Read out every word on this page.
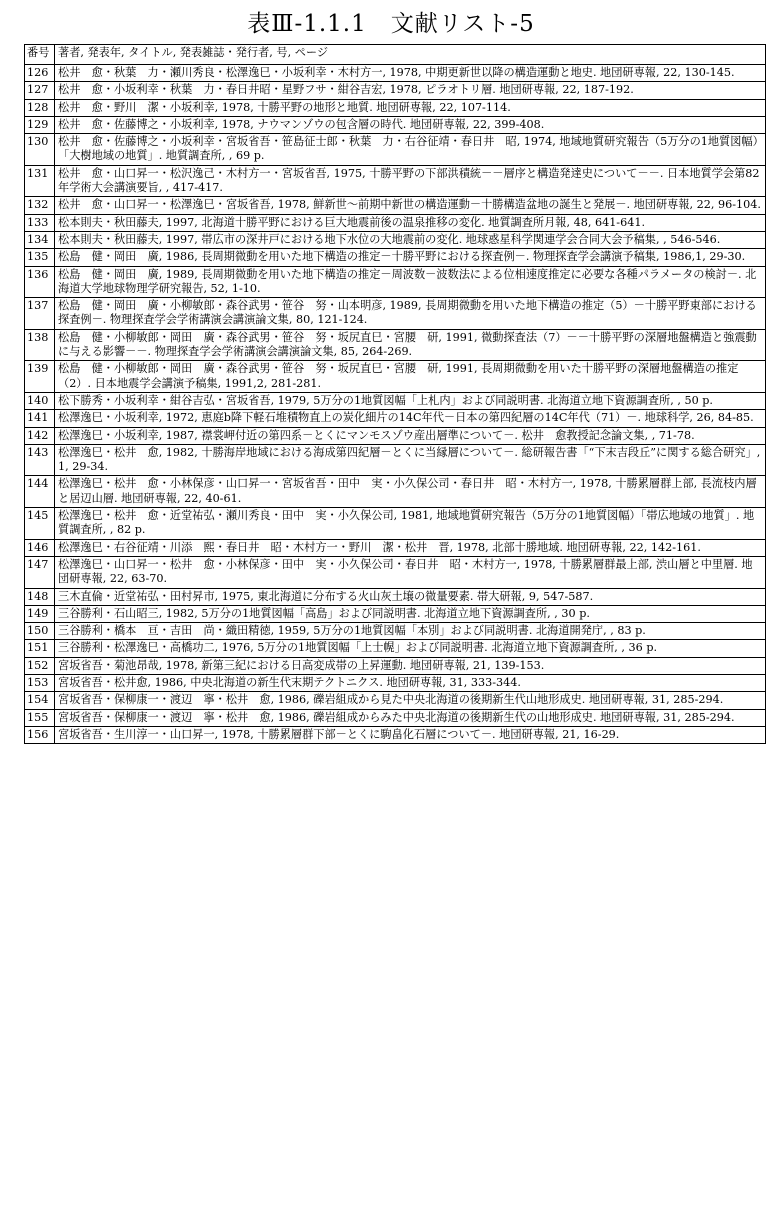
表Ⅲ-1.1.1　文献リスト-5
番号	著者, 発表年, タイトル, 発表雑誌・発行者, 号, ページ
126	松井　愈・秋葉　力・瀬川秀良・松澤逸巳・小坂利幸・木村方一, 1978, 中期更新世以降の構造運動と地史. 地団研専報, 22, 130-145.
127	松井　愈・小坂利幸・秋葉　力・春日井昭・星野フサ・紺谷吉宏, 1978, ピラオトリ層. 地団研専報, 22, 187-192.
128	松井　愈・野川　潔・小坂利幸, 1978, 十勝平野の地形と地質. 地団研専報, 22, 107-114.
129	松井　愈・佐藤博之・小坂利幸, 1978, ナウマンゾウの包含層の時代. 地団研専報, 22, 399-408.
130	松井　愈・佐藤博之・小坂利幸・宮坂省吾・笹島征士郎・秋葉　力・右谷征靖・春日井　昭, 1974, 地域地質研究報告（5万分の1地質図幅）「大樹地域の地質」. 地質調査所, , 69 p.
131	松井　愈・山口昇一・松沢逸己・木村方一・宮坂省吾, 1975, 十勝平野の下部洪積統－－層序と構造発達史について－－. 日本地質学会第82年学術大会講演要旨, , 417-417.
132	松井　愈・山口昇一・松澤逸巳・宮坂省吾, 1978, 鮮新世～前期中新世の構造運動－十勝構造盆地の誕生と発展－. 地団研専報, 22, 96-104.
133	松本則夫・秋田藤夫, 1997, 北海道十勝平野における巨大地震前後の温泉推移の変化. 地質調査所月報, 48, 641-641.
134	松本則夫・秋田藤夫, 1997, 帯広市の深井戸における地下水位の大地震前の変化. 地球惑星科学関連学会合同大会予稿集, , 546-546.
135	松島　健・岡田　廣, 1986, 長周期微動を用いた地下構造の推定－十勝平野における探査例－. 物理探査学会講演予稿集, 1986,1, 29-30.
136	松島　健・岡田　廣, 1989, 長周期微動を用いた地下構造の推定－周波数－波数法による位相速度推定に必要な各種パラメータの検討－. 北海道大学地球物理学研究報告, 52, 1-10.
137	松島　健・岡田　廣・小柳敏郎・森谷武男・笹谷　努・山本明彦, 1989, 長周期微動を用いた地下構造の推定（5）－十勝平野東部における探査例－. 物理探査学会学術講演会講演論文集, 80, 121-124.
138	松島　健・小柳敏郎・岡田　廣・森谷武男・笹谷　努・坂尻直巳・宮腰　研, 1991, 微動探査法（7）－－十勝平野の深層地盤構造と強震動に与える影響－－. 物理探査学会学術講演会講演論文集, 85, 264-269.
139	松島　健・小柳敏郎・岡田　廣・森谷武男・笹谷　努・坂尻直巳・宮腰　研, 1991, 長周期微動を用いた十勝平野の深層地盤構造の推定（2）. 日本地震学会講演予稿集, 1991,2, 281-281.
140	松下勝秀・小坂利幸・紺谷吉弘・宮坂省吾, 1979, 5万分の1地質図幅「上札内」および同説明書. 北海道立地下資源調査所, , 50 p.
141	松澤逸巳・小坂利幸, 1972, 恵庭b降下軽石堆積物直上の炭化細片の14C年代－日本の第四紀層の14C年代（71）－. 地球科学, 26, 84-85.
142	松澤逸巳・小坂利幸, 1987, 襟裳岬付近の第四系－とくにマンモスゾウ産出層準について－. 松井　愈教授記念論文集, , 71-78.
143	松澤逸巳・松井　愈, 1982, 十勝海岸地域における海成第四紀層－とくに当縁層について－. 総研報告書「“下末吉段丘”に関する総合研究」, 1, 29-34.
144	松澤逸巳・松井　愈・小林保彦・山口昇一・宮坂省吾・田中　実・小久保公司・春日井　昭・木村方一, 1978, 十勝累層群上部, 長流枝内層と居辺山層. 地団研専報, 22, 40-61.
145	松澤逸巳・松井　愈・近堂祐弘・瀬川秀良・田中　実・小久保公司, 1981, 地域地質研究報告（5万分の1地質図幅）「帯広地域の地質」. 地質調査所, , 82 p.
146	松澤逸巳・右谷征靖・川添　熙・春日井　昭・木村方一・野川　潔・松井　晋, 1978, 北部十勝地域. 地団研専報, 22, 142-161.
147	松澤逸巳・山口昇一・松井　愈・小林保彦・田中　実・小久保公司・春日井　昭・木村方一, 1978, 十勝累層群最上部, 渋山層と中里層. 地団研専報, 22, 63-70.
148	三木直倫・近堂祐弘・田村昇市, 1975, 東北海道に分布する火山灰土壌の微量要素. 帯大研報, 9, 547-587.
149	三谷勝利・石山昭三, 1982, 5万分の1地質図幅「高島」および同説明書. 北海道立地下資源調査所, , 30 p.
150	三谷勝利・橋本　亘・吉田　尚・織田精徳, 1959, 5万分の1地質図幅「本別」および同説明書. 北海道開発庁, , 83 p.
151	三谷勝利・松澤逸巳・高橋功二, 1976, 5万分の1地質図幅「上士幌」および同説明書. 北海道立地下資源調査所, , 36 p.
152	宮坂省吾・菊池昂哉, 1978, 新第三紀における日高変成帯の上昇運動. 地団研専報, 21, 139-153.
153	宮坂省吾・松井愈, 1986, 中央北海道の新生代末期テクトニクス. 地団研専報, 31, 333-344.
154	宮坂省吾・保柳康一・渡辺　寧・松井　愈, 1986, 礫岩組成から見た中央北海道の後期新生代山地形成史. 地団研専報, 31, 285-294.
155	宮坂省吾・保柳康一・渡辺　寧・松井　愈, 1986, 礫岩組成からみた中央北海道の後期新生代の山地形成史. 地団研専報, 31, 285-294.
156	宮坂省吾・生川淳一・山口昇一, 1978, 十勝累層群下部－とくに駒畠化石層について－. 地団研専報, 21, 16-29.
